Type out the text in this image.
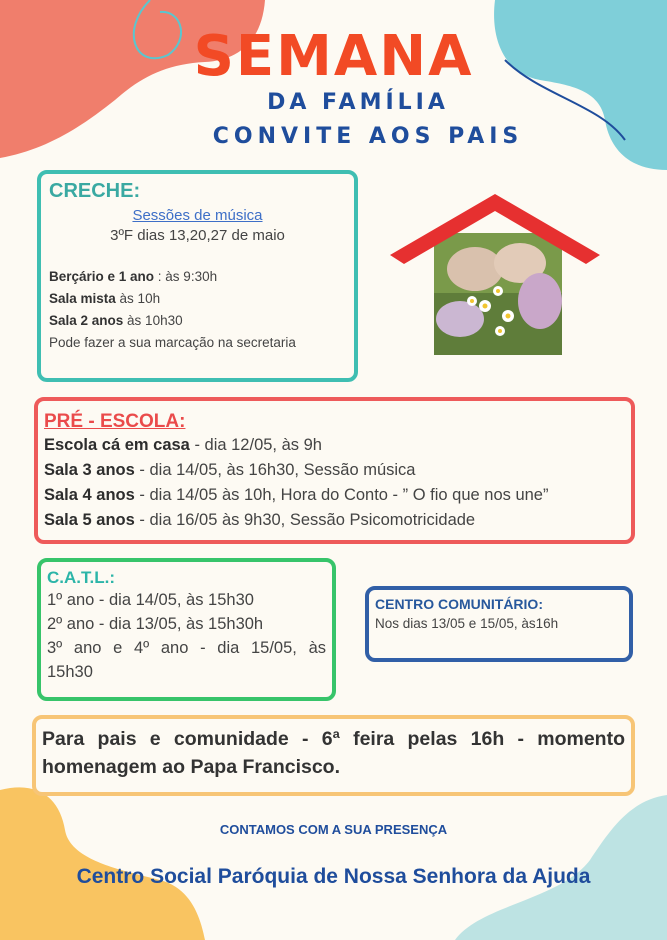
SEMANA
DA FAMÍLIA
CONVITE AOS PAIS
CRECHE:
Sessões de música
3ºF dias 13,20,27 de maio
Berçário e 1 ano : às 9:30h
Sala mista às 10h
Sala 2 anos às 10h30
Pode fazer a sua marcação na secretaria
PRÉ - ESCOLA:
Escola cá em casa - dia 12/05, às 9h
Sala 3 anos - dia 14/05, às 16h30, Sessão música
Sala 4 anos - dia 14/05 às 10h, Hora do Conto - ” O fio que nos une”
Sala 5 anos - dia 16/05 às 9h30, Sessão Psicomotricidade
C.A.T.L.:
1º ano - dia 14/05, às 15h30
2º ano - dia 13/05, às 15h30h
3º ano e 4º ano - dia 15/05, às
15h30
CENTRO COMUNITÁRIO:
Nos dias 13/05 e 15/05, às16h
Para pais e comunidade - 6ª feira pelas 16h - momento homenagem ao Papa Francisco.
CONTAMOS COM A SUA PRESENÇA
Centro Social Paróquia de Nossa Senhora da Ajuda
